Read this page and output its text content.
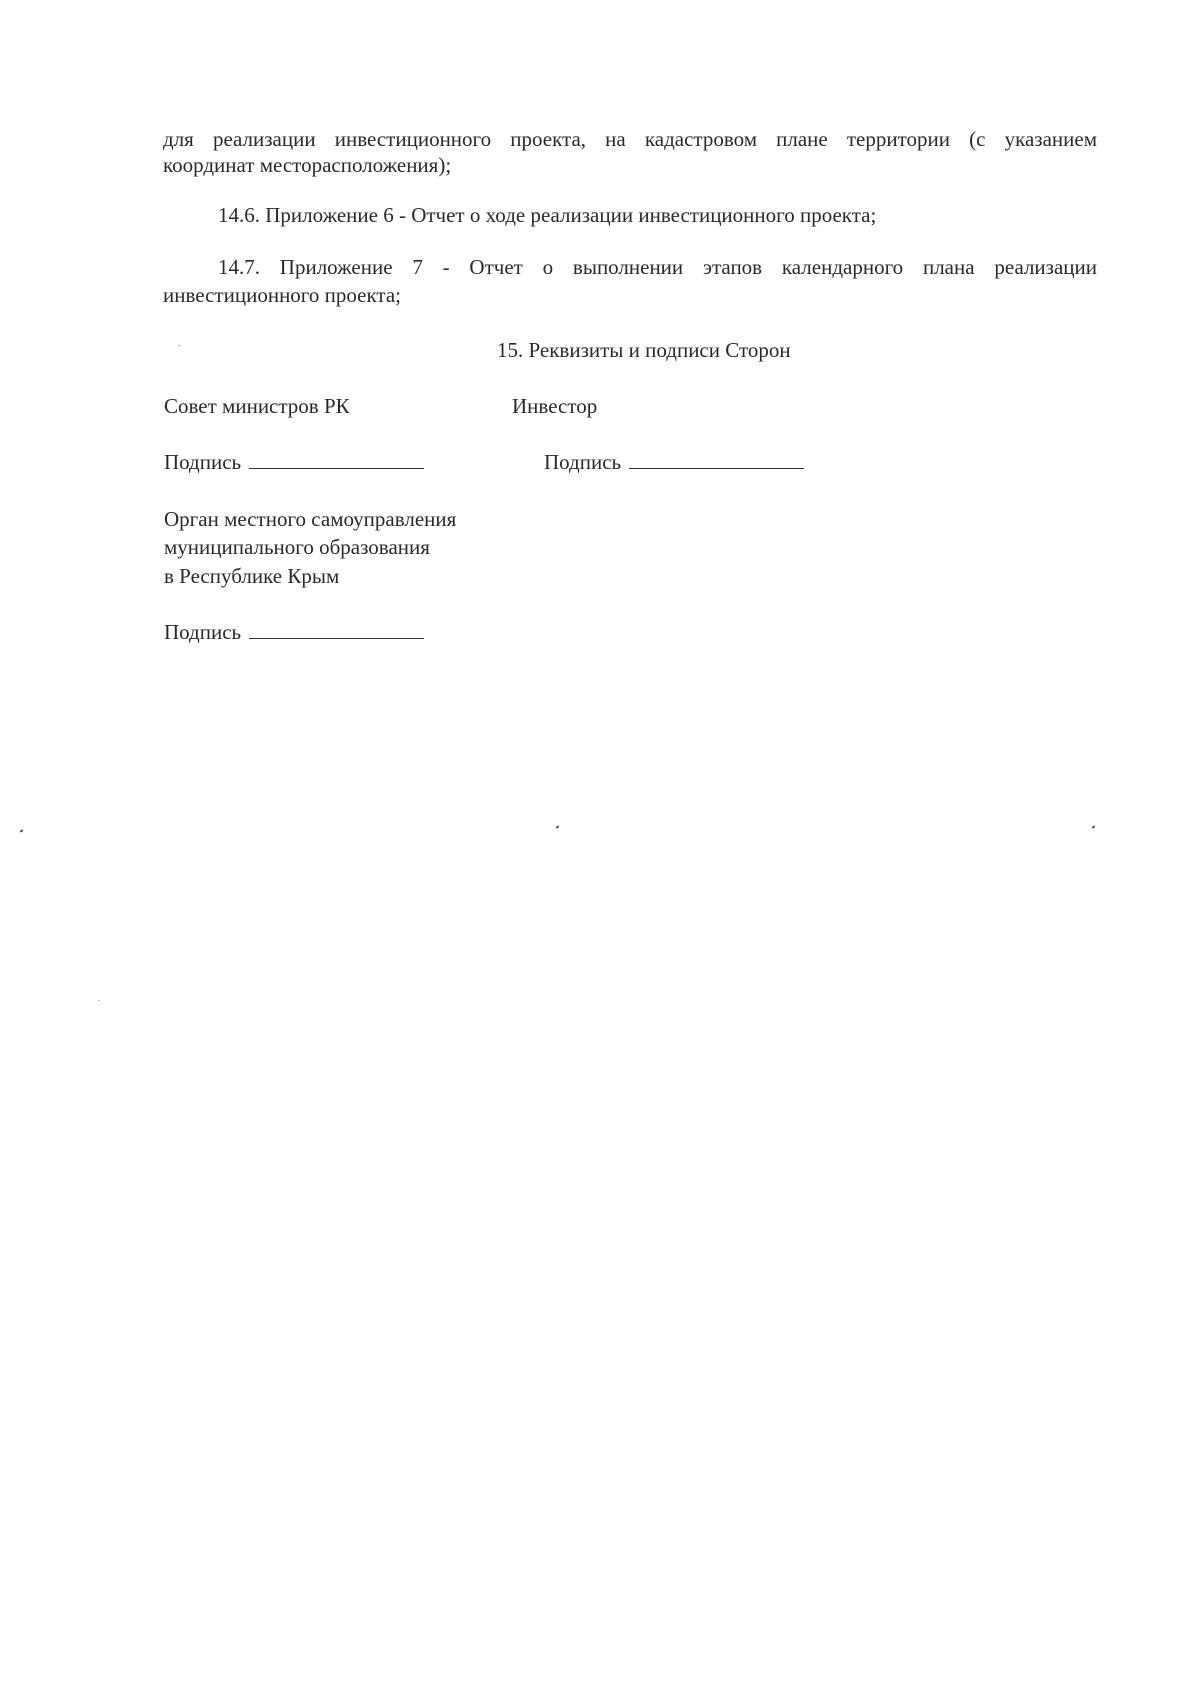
для реализации инвестиционного проекта, на кадастровом плане территории (с указанием
координат месторасположения);
14.6. Приложение 6 - Отчет о ходе реализации инвестиционного проекта;
14.7. Приложение 7 - Отчет о выполнении этапов календарного плана реализации
инвестиционного проекта;
15. Реквизиты и подписи Сторон
Совет министров РК	Инвестор
Подпись	Подпись
Орган местного самоуправления
муниципального образования
в Республике Крым
Подпись
